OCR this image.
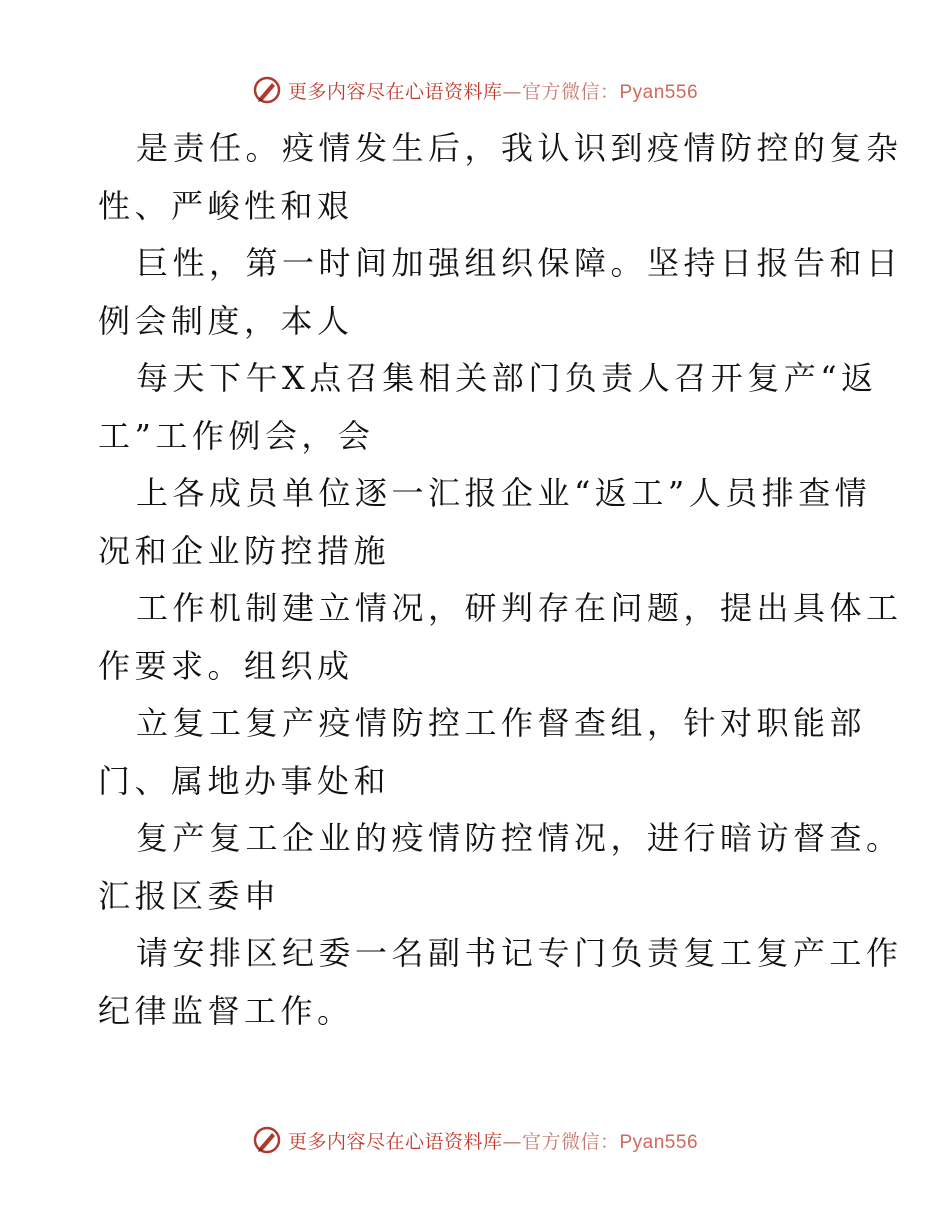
更多内容尽在心语资料库—官方微信：Pyan556
是责任。疫情发生后，我认识到疫情防控的复杂
性、严峻性和艰
巨性，第一时间加强组织保障。坚持日报告和日
例会制度，本人
每天下午X点召集相关部门负责人召开复产“返
工”工作例会，会
上各成员单位逐一汇报企业“返工”人员排查情
况和企业防控措施
工作机制建立情况，研判存在问题，提出具体工
作要求。组织成
立复工复产疫情防控工作督查组，针对职能部
门、属地办事处和
复产复工企业的疫情防控情况，进行暗访督查。
汇报区委申
请安排区纪委一名副书记专门负责复工复产工作
纪律监督工作。
更多内容尽在心语资料库—官方微信：Pyan556
